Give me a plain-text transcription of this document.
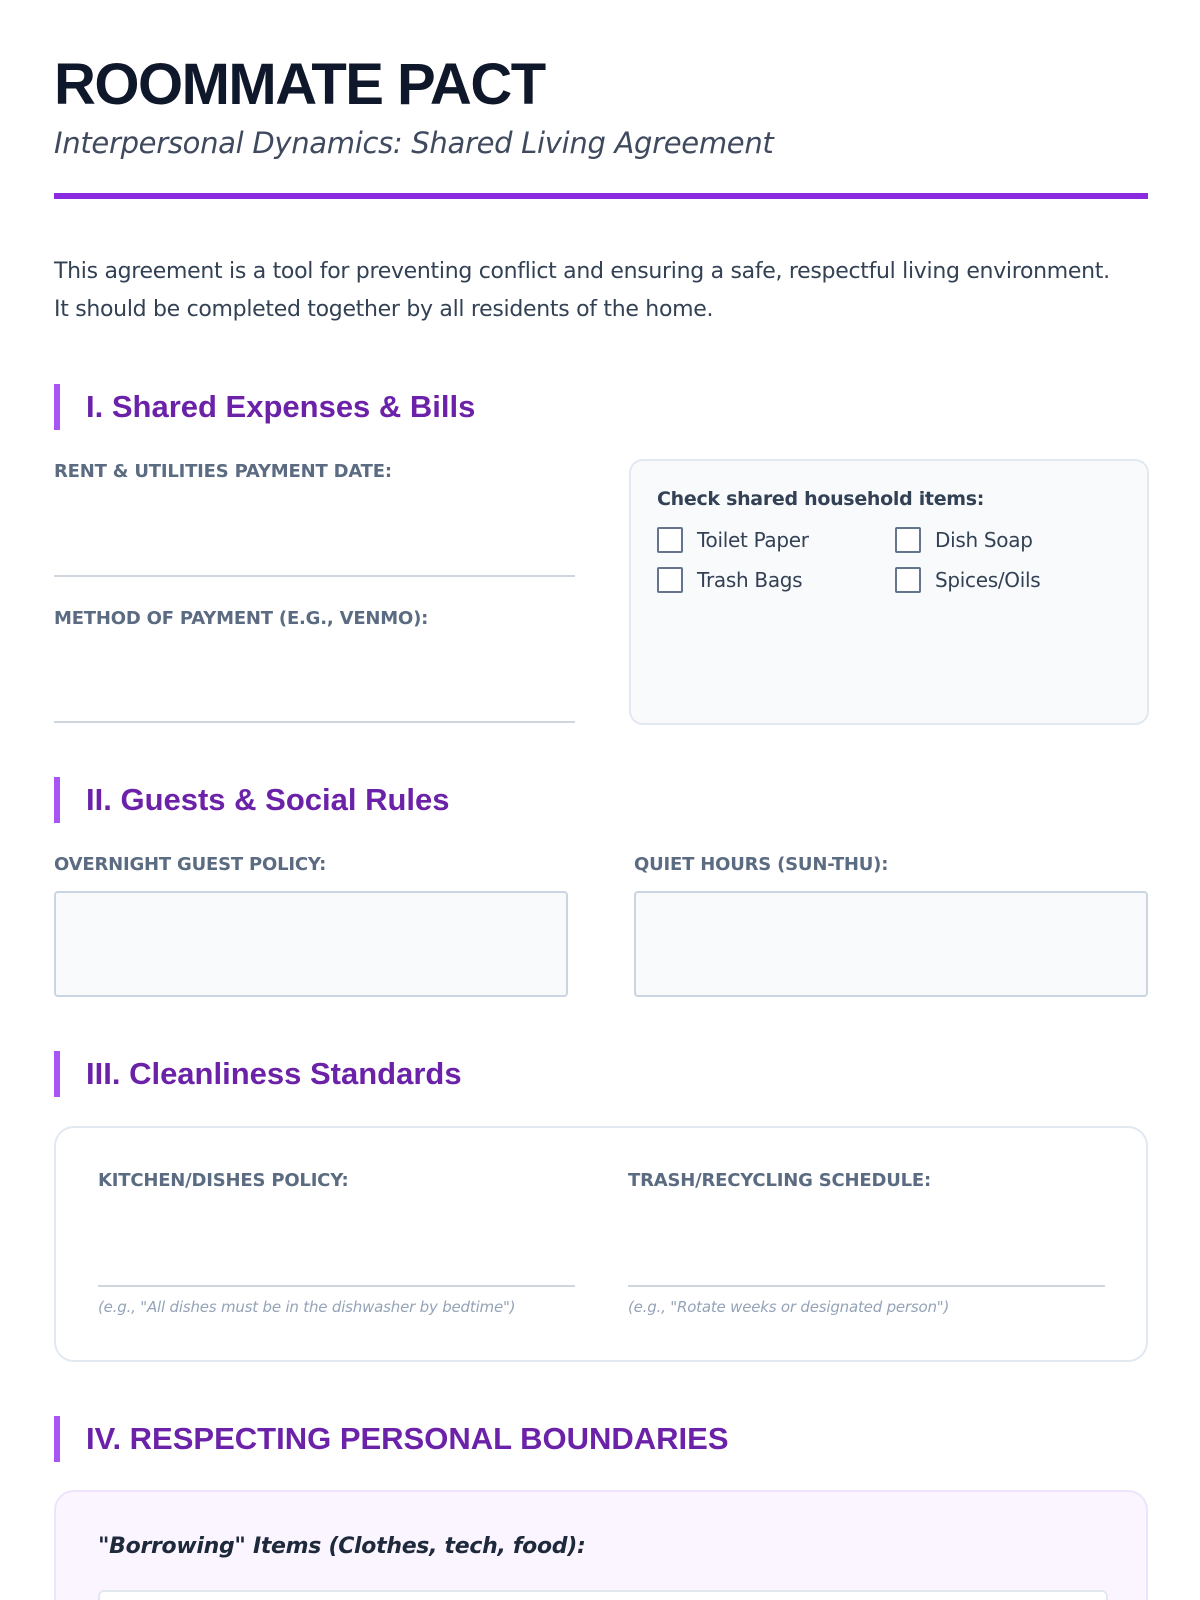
ROOMMATE PACT
Interpersonal Dynamics: Shared Living Agreement
This agreement is a tool for preventing conflict and ensuring a safe, respectful living environment.
It should be completed together by all residents of the home.
I. Shared Expenses & Bills
RENT & UTILITIES PAYMENT DATE:
METHOD OF PAYMENT (E.G., VENMO):
Check shared household items:
Toilet Paper	Dish Soap
Trash Bags	Spices/Oils
II. Guests & Social Rules
OVERNIGHT GUEST POLICY:	QUIET HOURS (SUN-THU):
III. Cleanliness Standards
KITCHEN/DISHES POLICY:
(e.g., "All dishes must be in the dishwasher by bedtime")
TRASH/RECYCLING SCHEDULE:
(e.g., "Rotate weeks or designated person")
IV. RESPECTING PERSONAL BOUNDARIES
"Borrowing" Items (Clothes, tech, food):
